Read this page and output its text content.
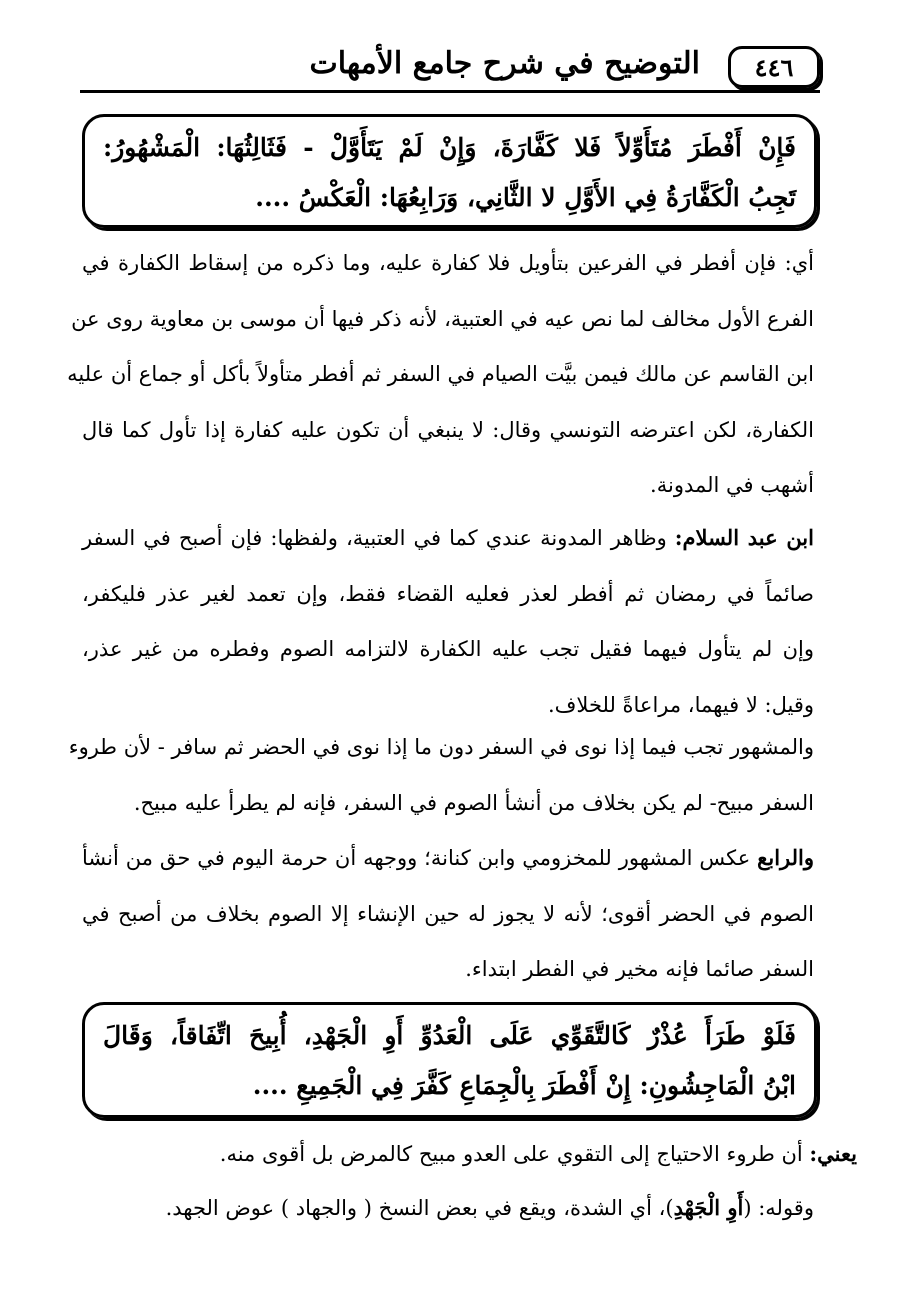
٤٤٦
التوضيح في شرح جامع الأمهات
فَإِنْ أَفْطَرَ مُتَأَوِّلاً فَلا كَفَّارَةَ، وَإِنْ لَمْ يَتَأَوَّلْ - فَثَالِثُهَا: الْمَشْهُورُ:
تَجِبُ الْكَفَّارَةُ فِي الأَوَّلِ لا الثَّانِي، وَرَابِعُهَا: الْعَكْسُ ....
أي: فإن أفطر في الفرعين بتأويل فلا كفارة عليه، وما ذكره من إسقاط الكفارة في
الفرع الأول مخالف لما نص عيه في العتبية، لأنه ذكر فيها أن موسى بن معاوية روى عن
ابن القاسم عن مالك فيمن بيَّت الصيام في السفر ثم أفطر متأولاً بأكل أو جماع أن عليه
الكفارة، لكن اعترضه التونسي وقال: لا ينبغي أن تكون عليه كفارة إذا تأول كما قال
أشهب في المدونة.
ابن عبد السلام: وظاهر المدونة عندي كما في العتبية، ولفظها: فإن أصبح في السفر
صائماً في رمضان ثم أفطر لعذر فعليه القضاء فقط، وإن تعمد لغير عذر فليكفر،
وإن لم يتأول فيهما فقيل تجب عليه الكفارة لالتزامه الصوم وفطره من غير عذر،
وقيل: لا فيهما، مراعاةً للخلاف.
والمشهور تجب فيما إذا نوى في السفر دون ما إذا نوى في الحضر ثم سافر - لأن طروء
السفر مبيح- لم يكن بخلاف من أنشأ الصوم في السفر، فإنه لم يطرأ عليه مبيح.
والرابع عكس المشهور للمخزومي وابن كنانة؛ ووجهه أن حرمة اليوم في حق من أنشأ
الصوم في الحضر أقوى؛ لأنه لا يجوز له حين الإنشاء إلا الصوم بخلاف من أصبح في
السفر صائما فإنه مخير في الفطر ابتداء.
فَلَوْ طَرَأَ عُذْرٌ كَالتَّقَوِّي عَلَى الْعَدُوِّ أَوِ الْجَهْدِ، أُبِيحَ اتِّفَاقاً، وَقَالَ
ابْنُ الْمَاجِشُونِ: إِنْ أَفْطَرَ بِالْجِمَاعِ كَفَّرَ فِي الْجَمِيعِ ....
يعني: أن طروء الاحتياج إلى التقوي على العدو مبيح كالمرض بل أقوى منه.
وقوله: (أَوِ الْجَهْدِ)، أي الشدة، ويقع في بعض النسخ ( والجهاد ) عوض الجهد.
